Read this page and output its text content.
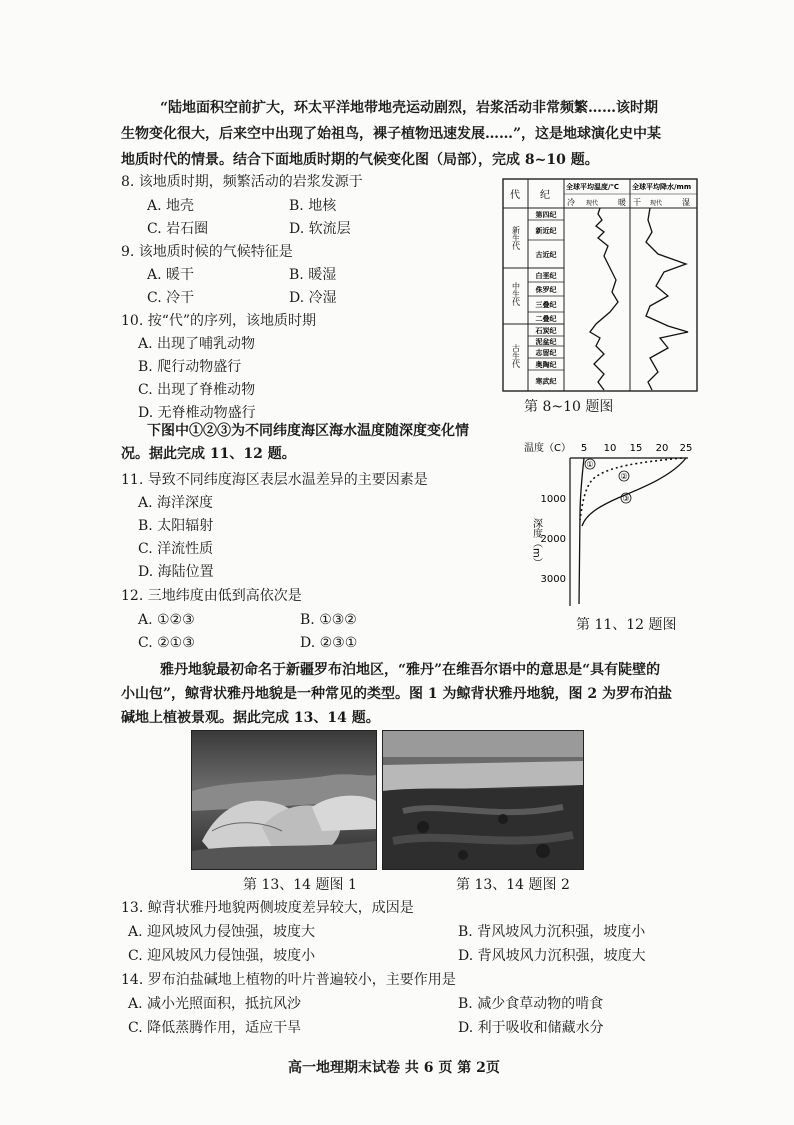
“陆地面积空前扩大，环太平洋地带地壳运动剧烈，岩浆活动非常频繁……该时期
生物变化很大，后来空中出现了始祖鸟，裸子植物迅速发展……”，这是地球演化史中某
地质时代的情景。结合下面地质时期的气候变化图（局部），完成 8~10 题。
8. 该地质时期，频繁活动的岩浆发源于
A. 地壳	B. 地核
C. 岩石圈	D. 软流层
9. 该地质时候的气候特征是
A. 暖干	B. 暖湿
C. 冷干	D. 冷湿
10. 按“代”的序列，该地质时期
A. 出现了哺乳动物
B. 爬行动物盛行
C. 出现了脊椎动物
D. 无脊椎动物盛行
代 纪
全球平均温度/℃ 全球平均降水/mm
冷 现代 暖 干 现代 湿
新生代
中生代
古生代
第四纪
新近纪
古近纪
白垩纪
侏罗纪
三叠纪
二叠纪
石炭纪
泥盆纪
志留纪
奥陶纪
寒武纪
第 8~10 题图
下图中①②③为不同纬度海区海水温度随深度变化情
况。据此完成 11、12 题。
11. 导致不同纬度海区表层水温差异的主要因素是
A. 海洋深度
B. 太阳辐射
C. 洋流性质
D. 海陆位置
12. 三地纬度由低到高依次是
A. ①②③	B. ①③②
C. ②①③	D. ②③①
温度（C） 5 10 15 20 25
1000
2000
3000
深度（m）
①
②
③
第 11、12 题图
雅丹地貌最初命名于新疆罗布泊地区，“雅丹”在维吾尔语中的意思是“具有陡壁的
小山包”，鲸背状雅丹地貌是一种常见的类型。图 1 为鲸背状雅丹地貌，图 2 为罗布泊盐
碱地上植被景观。据此完成 13、14 题。
第 13、14 题图 1	第 13、14 题图 2
13. 鲸背状雅丹地貌两侧坡度差异较大，成因是
A. 迎风坡风力侵蚀强，坡度大	B. 背风坡风力沉积强，坡度小
C. 迎风坡风力侵蚀强，坡度小	D. 背风坡风力沉积强，坡度大
14. 罗布泊盐碱地上植物的叶片普遍较小，主要作用是
A. 减小光照面积，抵抗风沙	B. 减少食草动物的啃食
C. 降低蒸腾作用，适应干旱	D. 利于吸收和储藏水分
高一地理期末试卷 共 6 页 第 2页
